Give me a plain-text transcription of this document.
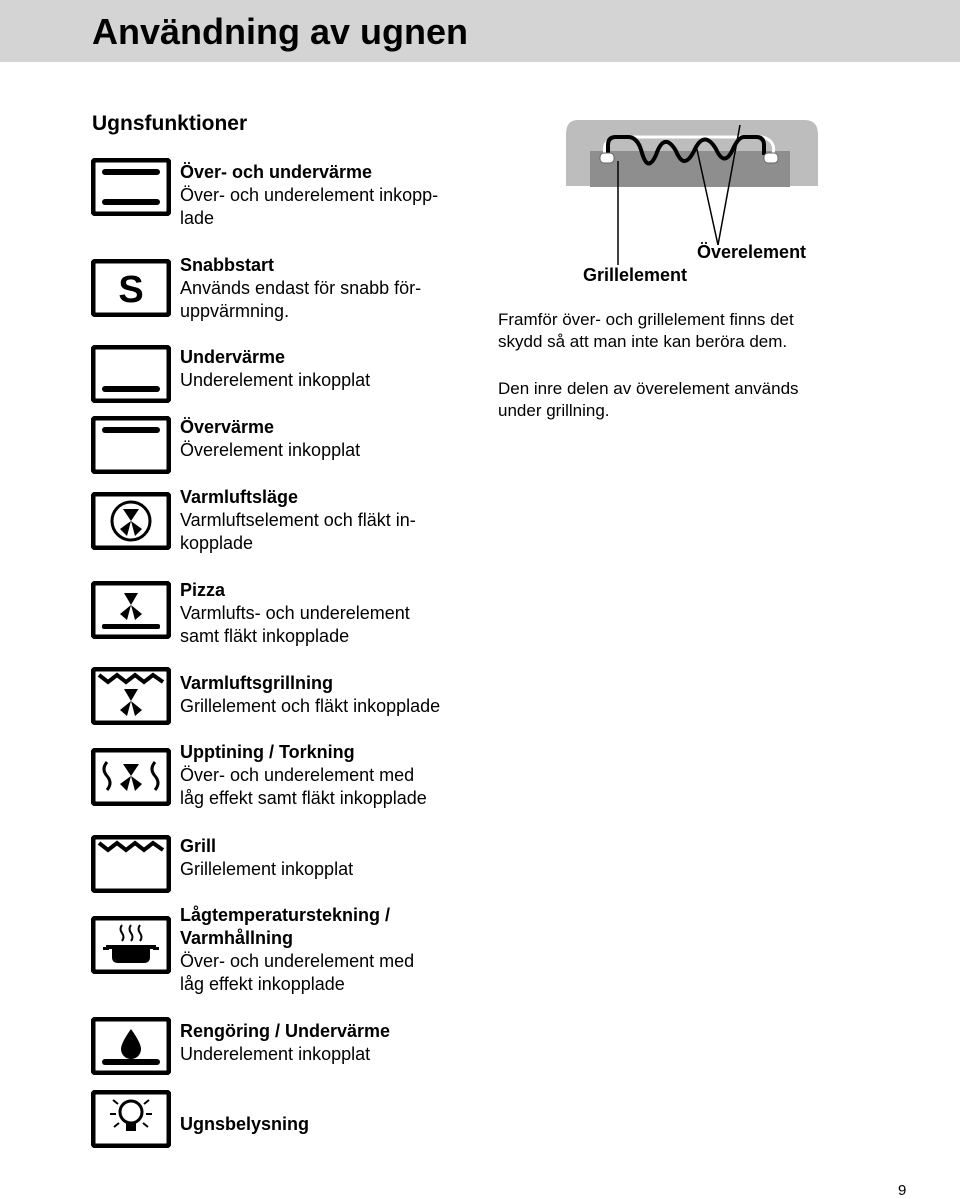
Användning av ugnen
Ugnsfunktioner
S
Över- och undervärme
Över- och underelement inkopp-
lade
Snabbstart
Används endast för snabb för-
uppvärmning.
Undervärme
Underelement inkopplat
Övervärme
Överelement inkopplat
Varmluftsläge
Varmluftselement och fläkt in-
kopplade
Pizza
Varmlufts- och underelement
samt fläkt inkopplade
Varmluftsgrillning
Grillelement och fläkt inkopplade
Upptining / Torkning
Över- och underelement med
låg effekt samt fläkt inkopplade
Grill
Grillelement inkopplat
Lågtemperaturstekning /
Varmhållning
Över- och underelement med
låg effekt inkopplade
Rengöring / Undervärme
Underelement inkopplat
Ugnsbelysning
Överelement
Grillelement
Framför över- och grillelement finns det
skydd så att man inte kan beröra dem.
Den inre delen av överelement används
under grillning.
9
